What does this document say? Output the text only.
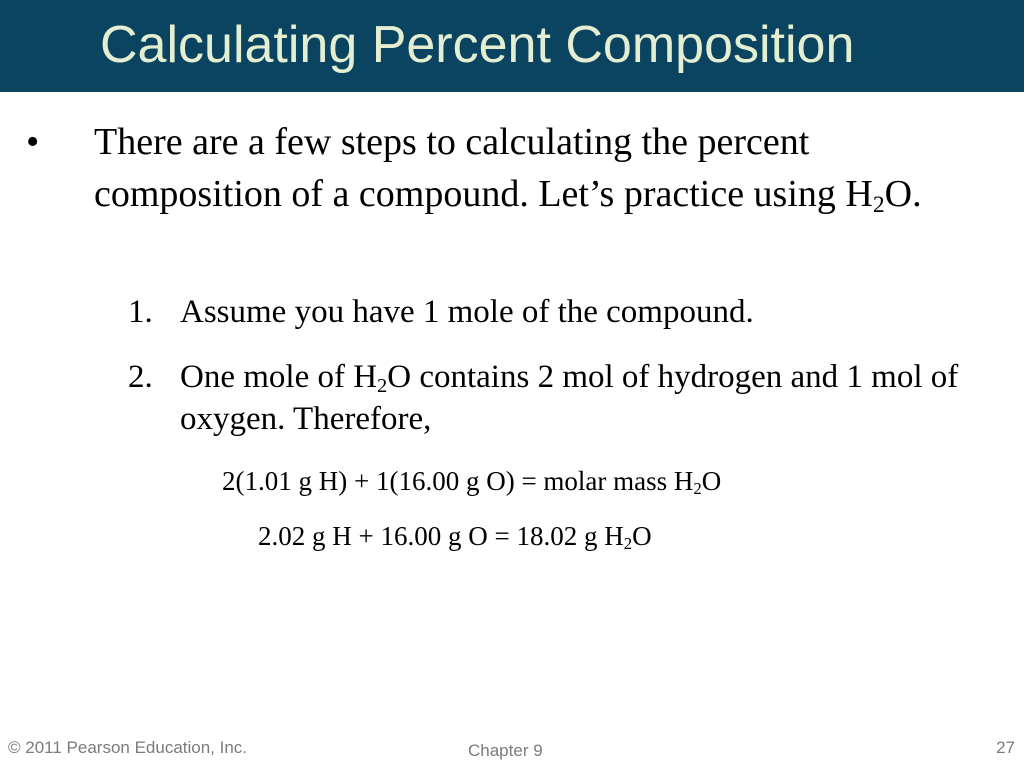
Calculating Percent Composition
• There are a few steps to calculating the percent composition of a compound. Let’s practice using $H_2O$.
1. Assume you have 1 mole of the compound.
2. One mole of $H_2O$ contains 2 mol of hydrogen and 1 mol of oxygen. Therefore,
2(1.01 g H) + 1(16.00 g O) = molar mass $H_2O$
2.02 g H + 16.00 g O = 18.02 g $H_2O$
© 2011 Pearson Education, Inc.	Chapter 9	27
